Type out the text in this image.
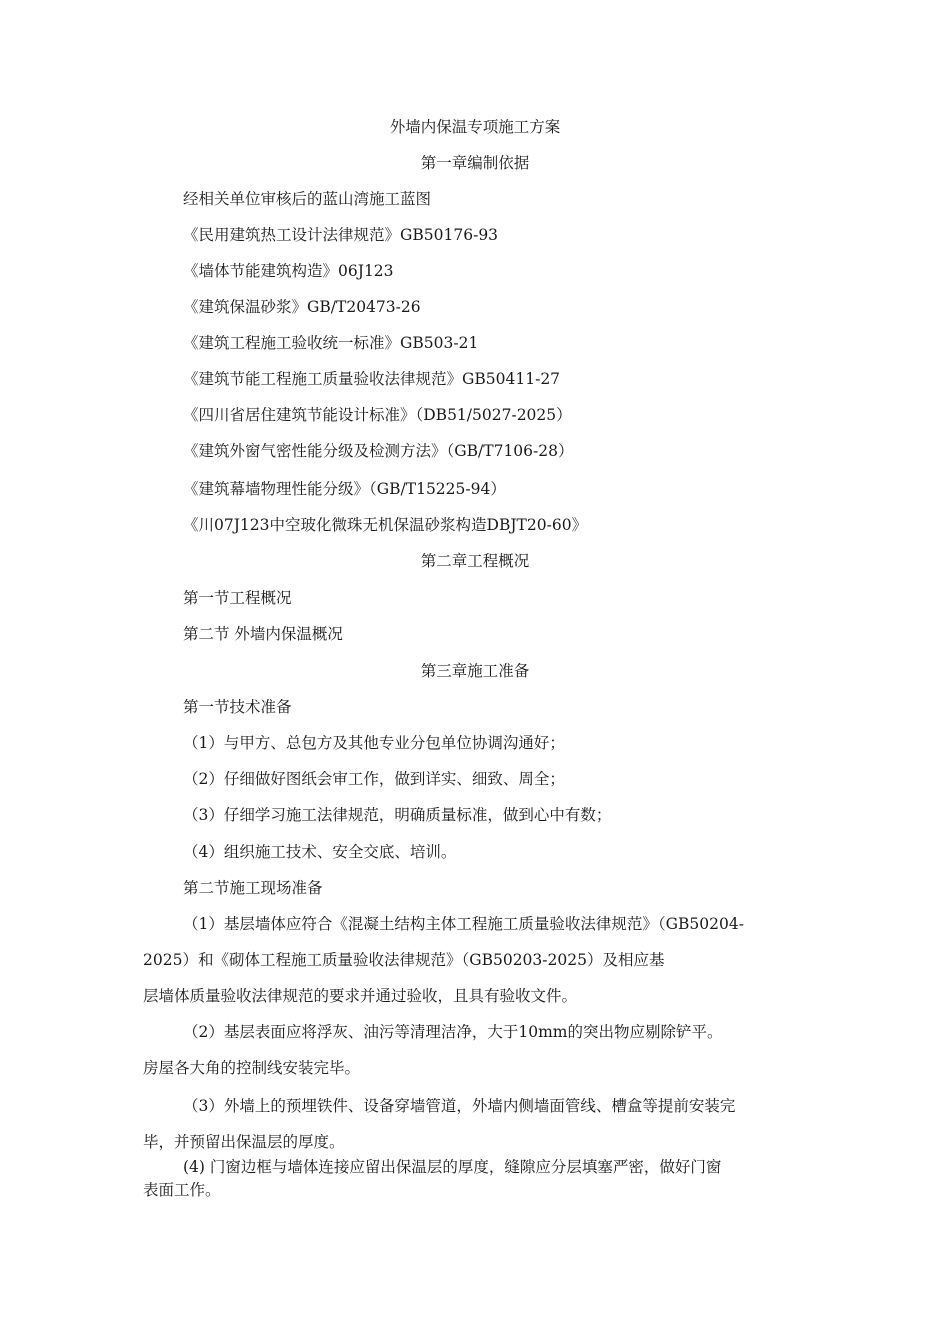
外墙内保温专项施工方案

第一章编制依据

经相关单位审核后的蓝山湾施工蓝图

《民用建筑热工设计法律规范》GB50176-93

《墙体节能建筑构造》06J123

《建筑保温砂浆》GB/T20473-26

《建筑工程施工验收统一标准》GB503-21

《建筑节能工程施工质量验收法律规范》GB50411-27

《四川省居住建筑节能设计标准》（DB51/5027-2025）

《建筑外窗气密性能分级及检测方法》（GB/T7106-28）

《建筑幕墙物理性能分级》（GB/T15225-94）

《川07J123中空玻化微珠无机保温砂浆构造DBJT20-60》

第二章工程概况

第一节工程概况

第二节 外墙内保温概况

第三章施工准备

第一节技术准备

（1）与甲方、总包方及其他专业分包单位协调沟通好；

（2）仔细做好图纸会审工作，做到详实、细致、周全；

（3）仔细学习施工法律规范，明确质量标准，做到心中有数；

（4）组织施工技术、安全交底、培训。

第二节施工现场准备

（1）基层墙体应符合《混凝土结构主体工程施工质量验收法律规范》（GB50204-

2025）和《砌体工程施工质量验收法律规范》（GB50203-2025）及相应基

层墙体质量验收法律规范的要求并通过验收，且具有验收文件。

（2）基层表面应将浮灰、油污等清理洁净，大于10mm的突出物应剔除铲平。

房屋各大角的控制线安装完毕。

（3）外墙上的预埋铁件、设备穿墙管道，外墙内侧墙面管线、槽盒等提前安装完

毕，并预留出保温层的厚度。

(4) 门窗边框与墙体连接应留出保温层的厚度，缝隙应分层填塞严密，做好门窗

表面工作。
